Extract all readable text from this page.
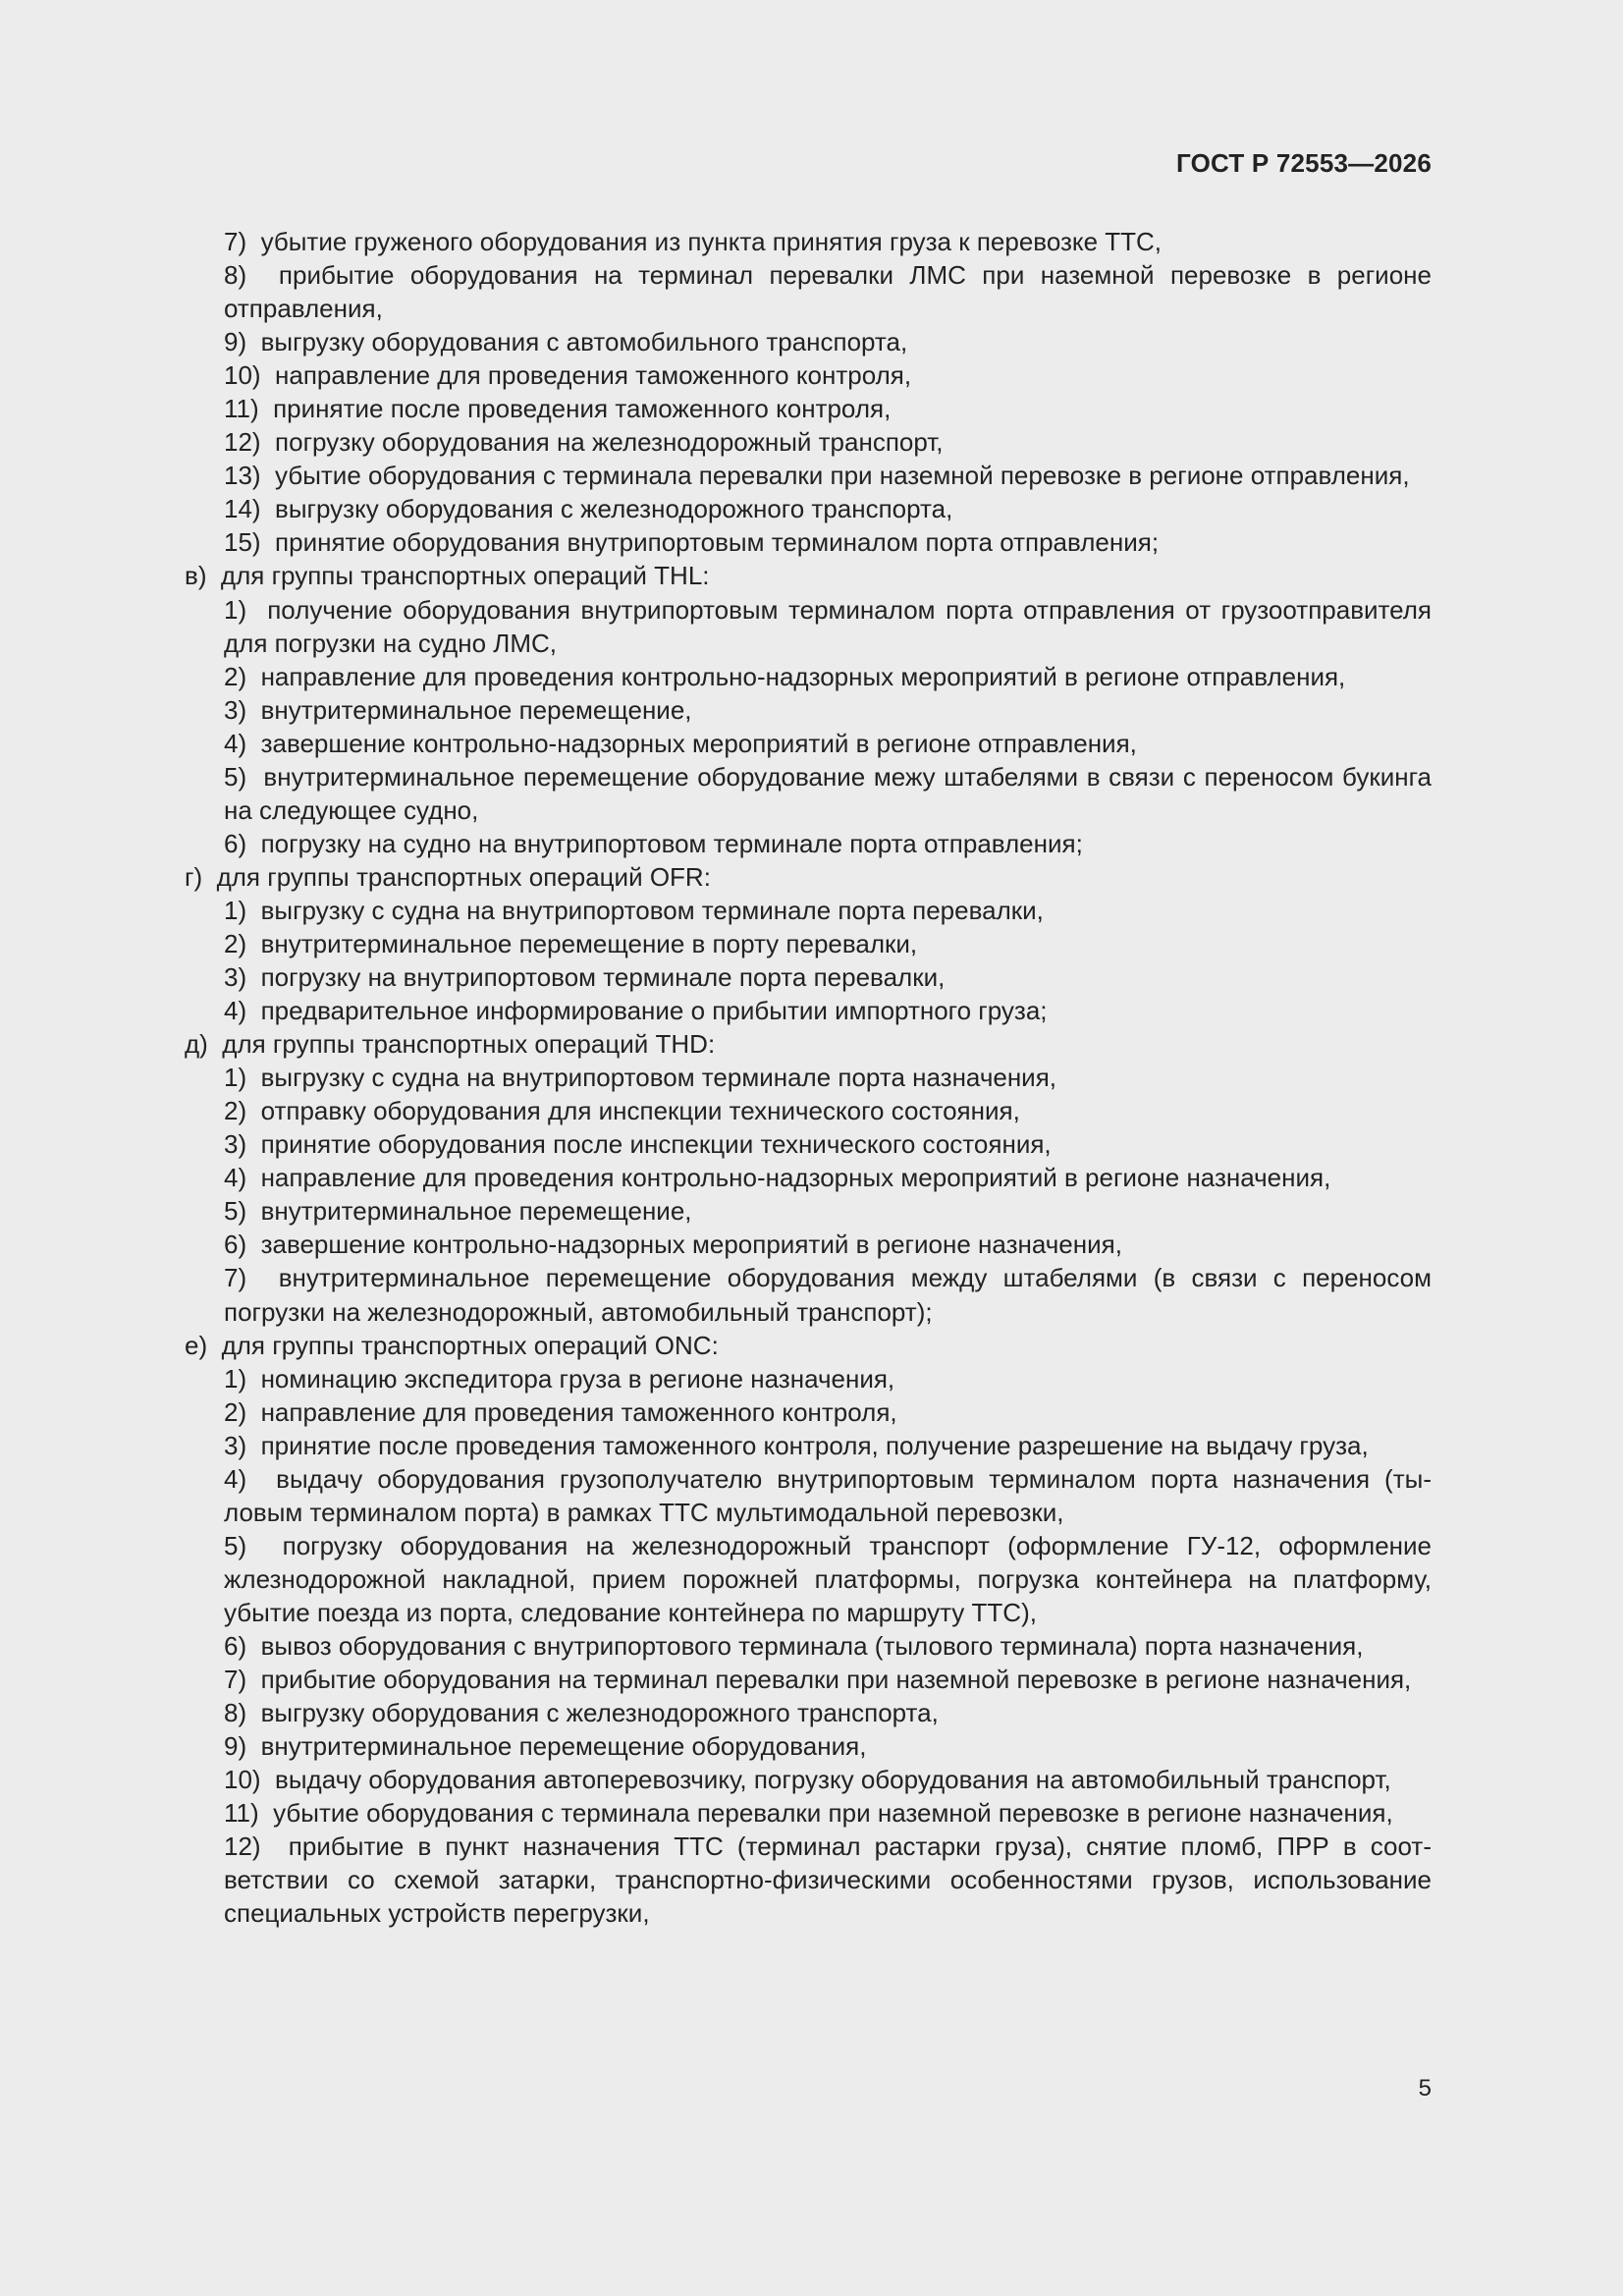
ГОСТ Р 72553—2026

7)  убытие груженого оборудования из пункта принятия груза к перевозке ТТС,

8)  прибытие оборудования на терминал перевалки ЛМС при наземной перевозке в регионе отправления,

9)  выгрузку оборудования с автомобильного транспорта,

10)  направление для проведения таможенного контроля,

11)  принятие после проведения таможенного контроля,

12)  погрузку оборудования на железнодорожный транспорт,

13)  убытие оборудования с терминала перевалки при наземной перевозке в регионе отправления,

14)  выгрузку оборудования с железнодорожного транспорта,

15)  принятие оборудования внутрипортовым терминалом порта отправления;

в)  для группы транспортных операций THL:

1)  получение оборудования внутрипортовым терминалом порта отправления от грузоотправителя для погрузки на судно ЛМС,

2)  направление для проведения контрольно-надзорных мероприятий в регионе отправления,

3)  внутритерминальное перемещение,

4)  завершение контрольно-надзорных мероприятий в регионе отправления,

5)  внутритерминальное перемещение оборудование межу штабелями в связи с переносом букинга на следующее судно,

6)  погрузку на судно на внутрипортовом терминале порта отправления;

г)  для группы транспортных операций OFR:

1)  выгрузку с судна на внутрипортовом терминале порта перевалки,

2)  внутритерминальное перемещение в порту перевалки,

3)  погрузку на внутрипортовом терминале порта перевалки,

4)  предварительное информирование о прибытии импортного груза;

д)  для группы транспортных операций THD:

1)  выгрузку с судна на внутрипортовом терминале порта назначения,

2)  отправку оборудования для инспекции технического состояния,

3)  принятие оборудования после инспекции технического состояния,

4)  направление для проведения контрольно-надзорных мероприятий в регионе назначения,

5)  внутритерминальное перемещение,

6)  завершение контрольно-надзорных мероприятий в регионе назначения,

7)  внутритерминальное перемещение оборудования между штабелями (в связи с переносом погрузки на железнодорожный, автомобильный транспорт);

е)  для группы транспортных операций ONC:

1)  номинацию экспедитора груза в регионе назначения,

2)  направление для проведения таможенного контроля,

3)  принятие после проведения таможенного контроля, получение разрешение на выдачу груза,

4)  выдачу оборудования грузополучателю внутрипортовым терминалом порта назначения (тыловым терминалом порта) в рамках ТТС мультимодальной перевозки,

5)  погрузку оборудования на железнодорожный транспорт (оформление ГУ-12, оформление жлезнодорожной накладной, прием порожней платформы, погрузка контейнера на платформу, убытие поезда из порта, следование контейнера по маршруту ТТС),

6)  вывоз оборудования с внутрипортового терминала (тылового терминала) порта назначения,

7)  прибытие оборудования на терминал перевалки при наземной перевозке в регионе назначения,

8)  выгрузку оборудования с железнодорожного транспорта,

9)  внутритерминальное перемещение оборудования,

10)  выдачу оборудования автоперевозчику, погрузку оборудования на автомобильный транспорт,

11)  убытие оборудования с терминала перевалки при наземной перевозке в регионе назначения,

12)  прибытие в пункт назначения ТТС (терминал растарки груза), снятие пломб, ПРР в соответствии со схемой затарки, транспортно-физическими особенностями грузов, использование специальных устройств перегрузки,

5
